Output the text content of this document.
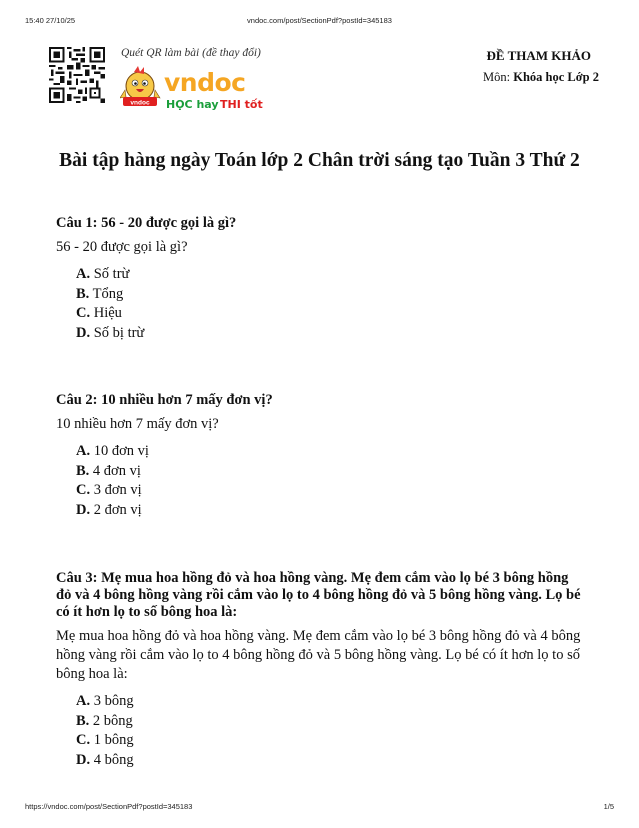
15:40 27/10/25	vndoc.com/post/SectionPdf?postId=345183
Quét QR làm bài (đề thay đổi)
vndoc
vndoc
HỌC hay THI tốt
ĐỀ THAM KHẢO
Môn: Khóa học Lớp 2
Bài tập hàng ngày Toán lớp 2 Chân trời sáng tạo Tuần 3 Thứ 2
Câu 1: 56 - 20 được gọi là gì?
56 - 20 được gọi là gì?
A. Số trừ
B. Tổng
C. Hiệu
D. Số bị trừ
Câu 2: 10 nhiều hơn 7 mấy đơn vị?
10 nhiều hơn 7 mấy đơn vị?
A. 10 đơn vị
B. 4 đơn vị
C. 3 đơn vị
D. 2 đơn vị
Câu 3: Mẹ mua hoa hồng đỏ và hoa hồng vàng. Mẹ đem cắm vào lọ bé 3 bông hồng đỏ và 4 bông hồng vàng rồi cắm vào lọ to 4 bông hồng đỏ và 5 bông hồng vàng. Lọ bé có ít hơn lọ to số bông hoa là:
Mẹ mua hoa hồng đỏ và hoa hồng vàng. Mẹ đem cắm vào lọ bé 3 bông hồng đỏ và 4 bông hồng vàng rồi cắm vào lọ to 4 bông hồng đỏ và 5 bông hồng vàng. Lọ bé có ít hơn lọ to số bông hoa là:
A. 3 bông
B. 2 bông
C. 1 bông
D. 4 bông
https://vndoc.com/post/SectionPdf?postId=345183	1/5
